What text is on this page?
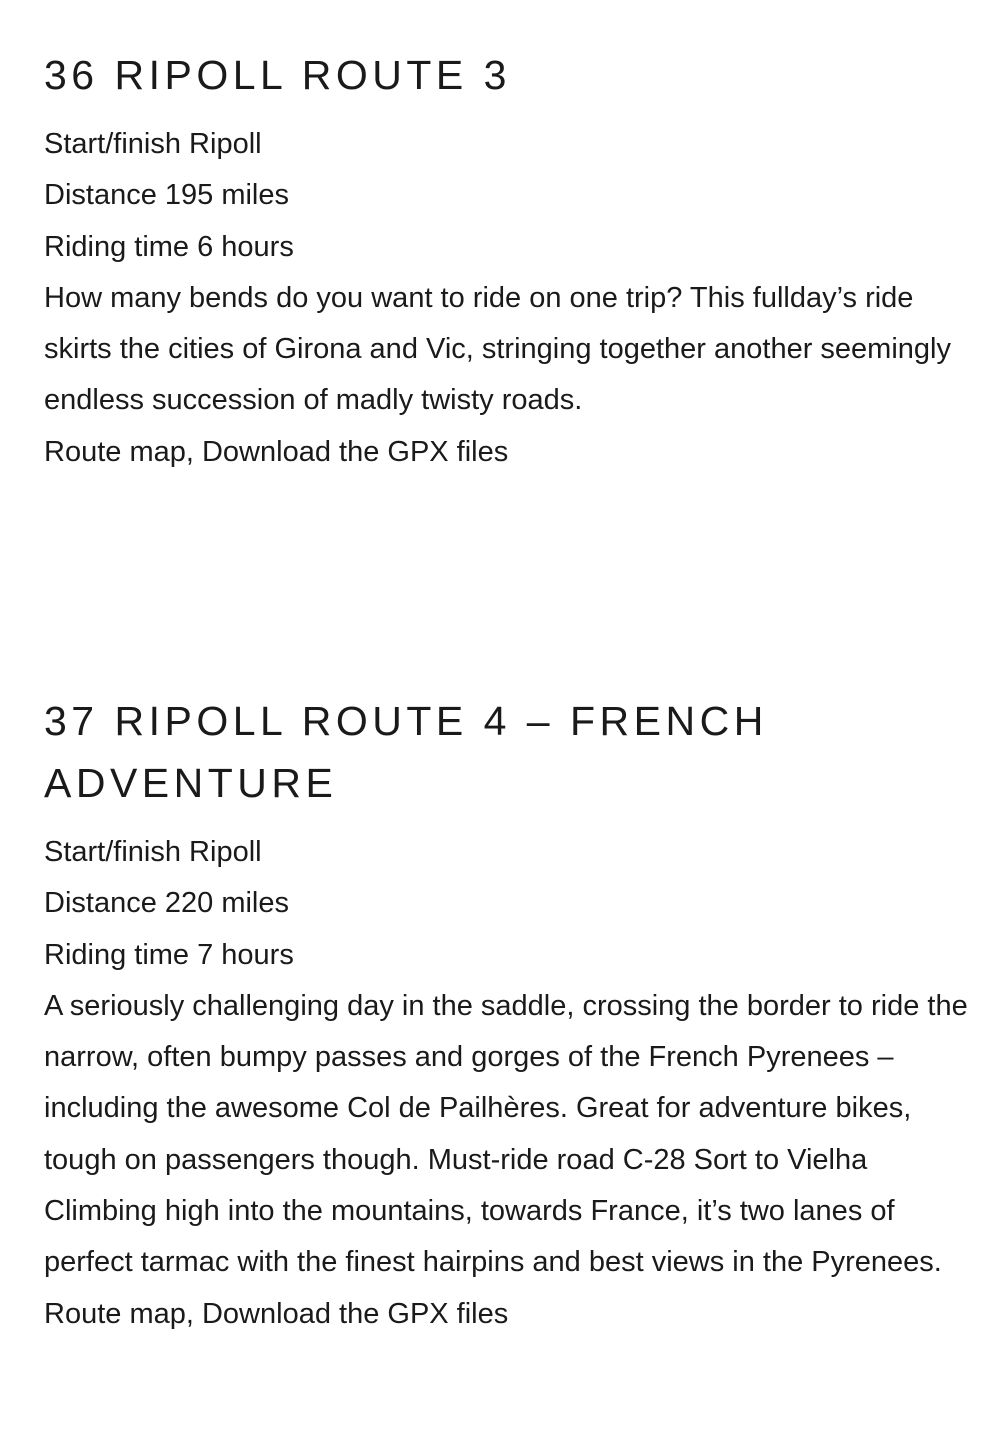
36 RIPOLL ROUTE 3

Start/finish Ripoll

Distance 195 miles

Riding time 6 hours

How many bends do you want to ride on one trip? This fullday’s ride skirts the cities of Girona and Vic, stringing together another seemingly endless succession of madly twisty roads.

Route map, Download the GPX files

37 RIPOLL ROUTE 4 – FRENCH ADVENTURE

Start/finish Ripoll

Distance 220 miles

Riding time 7 hours

A seriously challenging day in the saddle, crossing the border to ride the narrow, often bumpy passes and gorges of the French Pyrenees – including the awesome Col de Pailhères. Great for adventure bikes, tough on passengers though. Must-ride road C-28 Sort to Vielha Climbing high into the mountains, towards France, it’s two lanes of perfect tarmac with the finest hairpins and best views in the Pyrenees.

Route map, Download the GPX files
